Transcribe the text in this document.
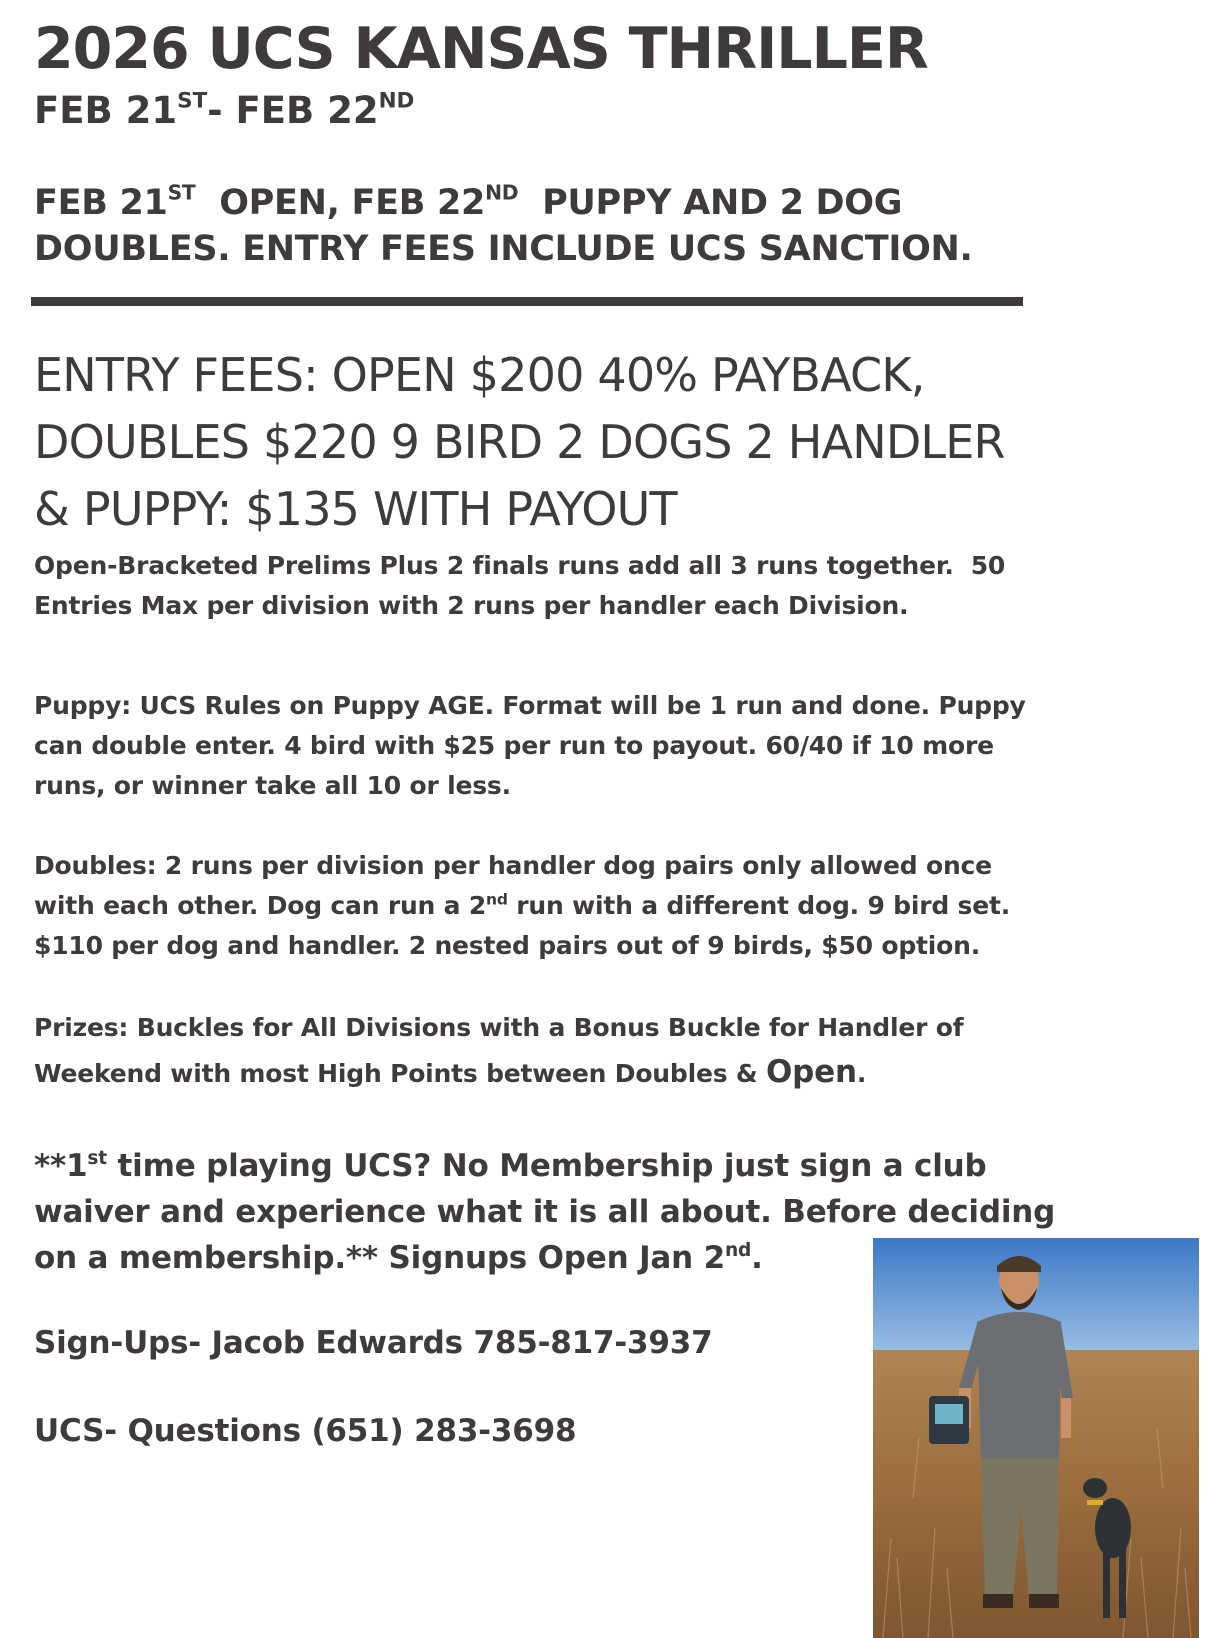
2026 UCS KANSAS THRILLER
FEB 21ST- FEB 22ND
FEB 21ST  OPEN, FEB 22ND  PUPPY AND 2 DOG
DOUBLES. ENTRY FEES INCLUDE UCS SANCTION.
ENTRY FEES: OPEN $200 40% PAYBACK,
DOUBLES $220 9 BIRD 2 DOGS 2 HANDLER
& PUPPY: $135 WITH PAYOUT
Open-Bracketed Prelims Plus 2 finals runs add all 3 runs together.  50
Entries Max per division with 2 runs per handler each Division.
Puppy: UCS Rules on Puppy AGE. Format will be 1 run and done. Puppy
can double enter. 4 bird with $25 per run to payout. 60/40 if 10 more
runs, or winner take all 10 or less.
Doubles: 2 runs per division per handler dog pairs only allowed once
with each other. Dog can run a 2nd run with a different dog. 9 bird set.
$110 per dog and handler. 2 nested pairs out of 9 birds, $50 option.
Prizes: Buckles for All Divisions with a Bonus Buckle for Handler of
Weekend with most High Points between Doubles & Open.
**1st time playing UCS? No Membership just sign a club
waiver and experience what it is all about. Before deciding
on a membership.** Signups Open Jan 2nd.
Sign-Ups- Jacob Edwards 785-817-3937
UCS- Questions (651) 283-3698
